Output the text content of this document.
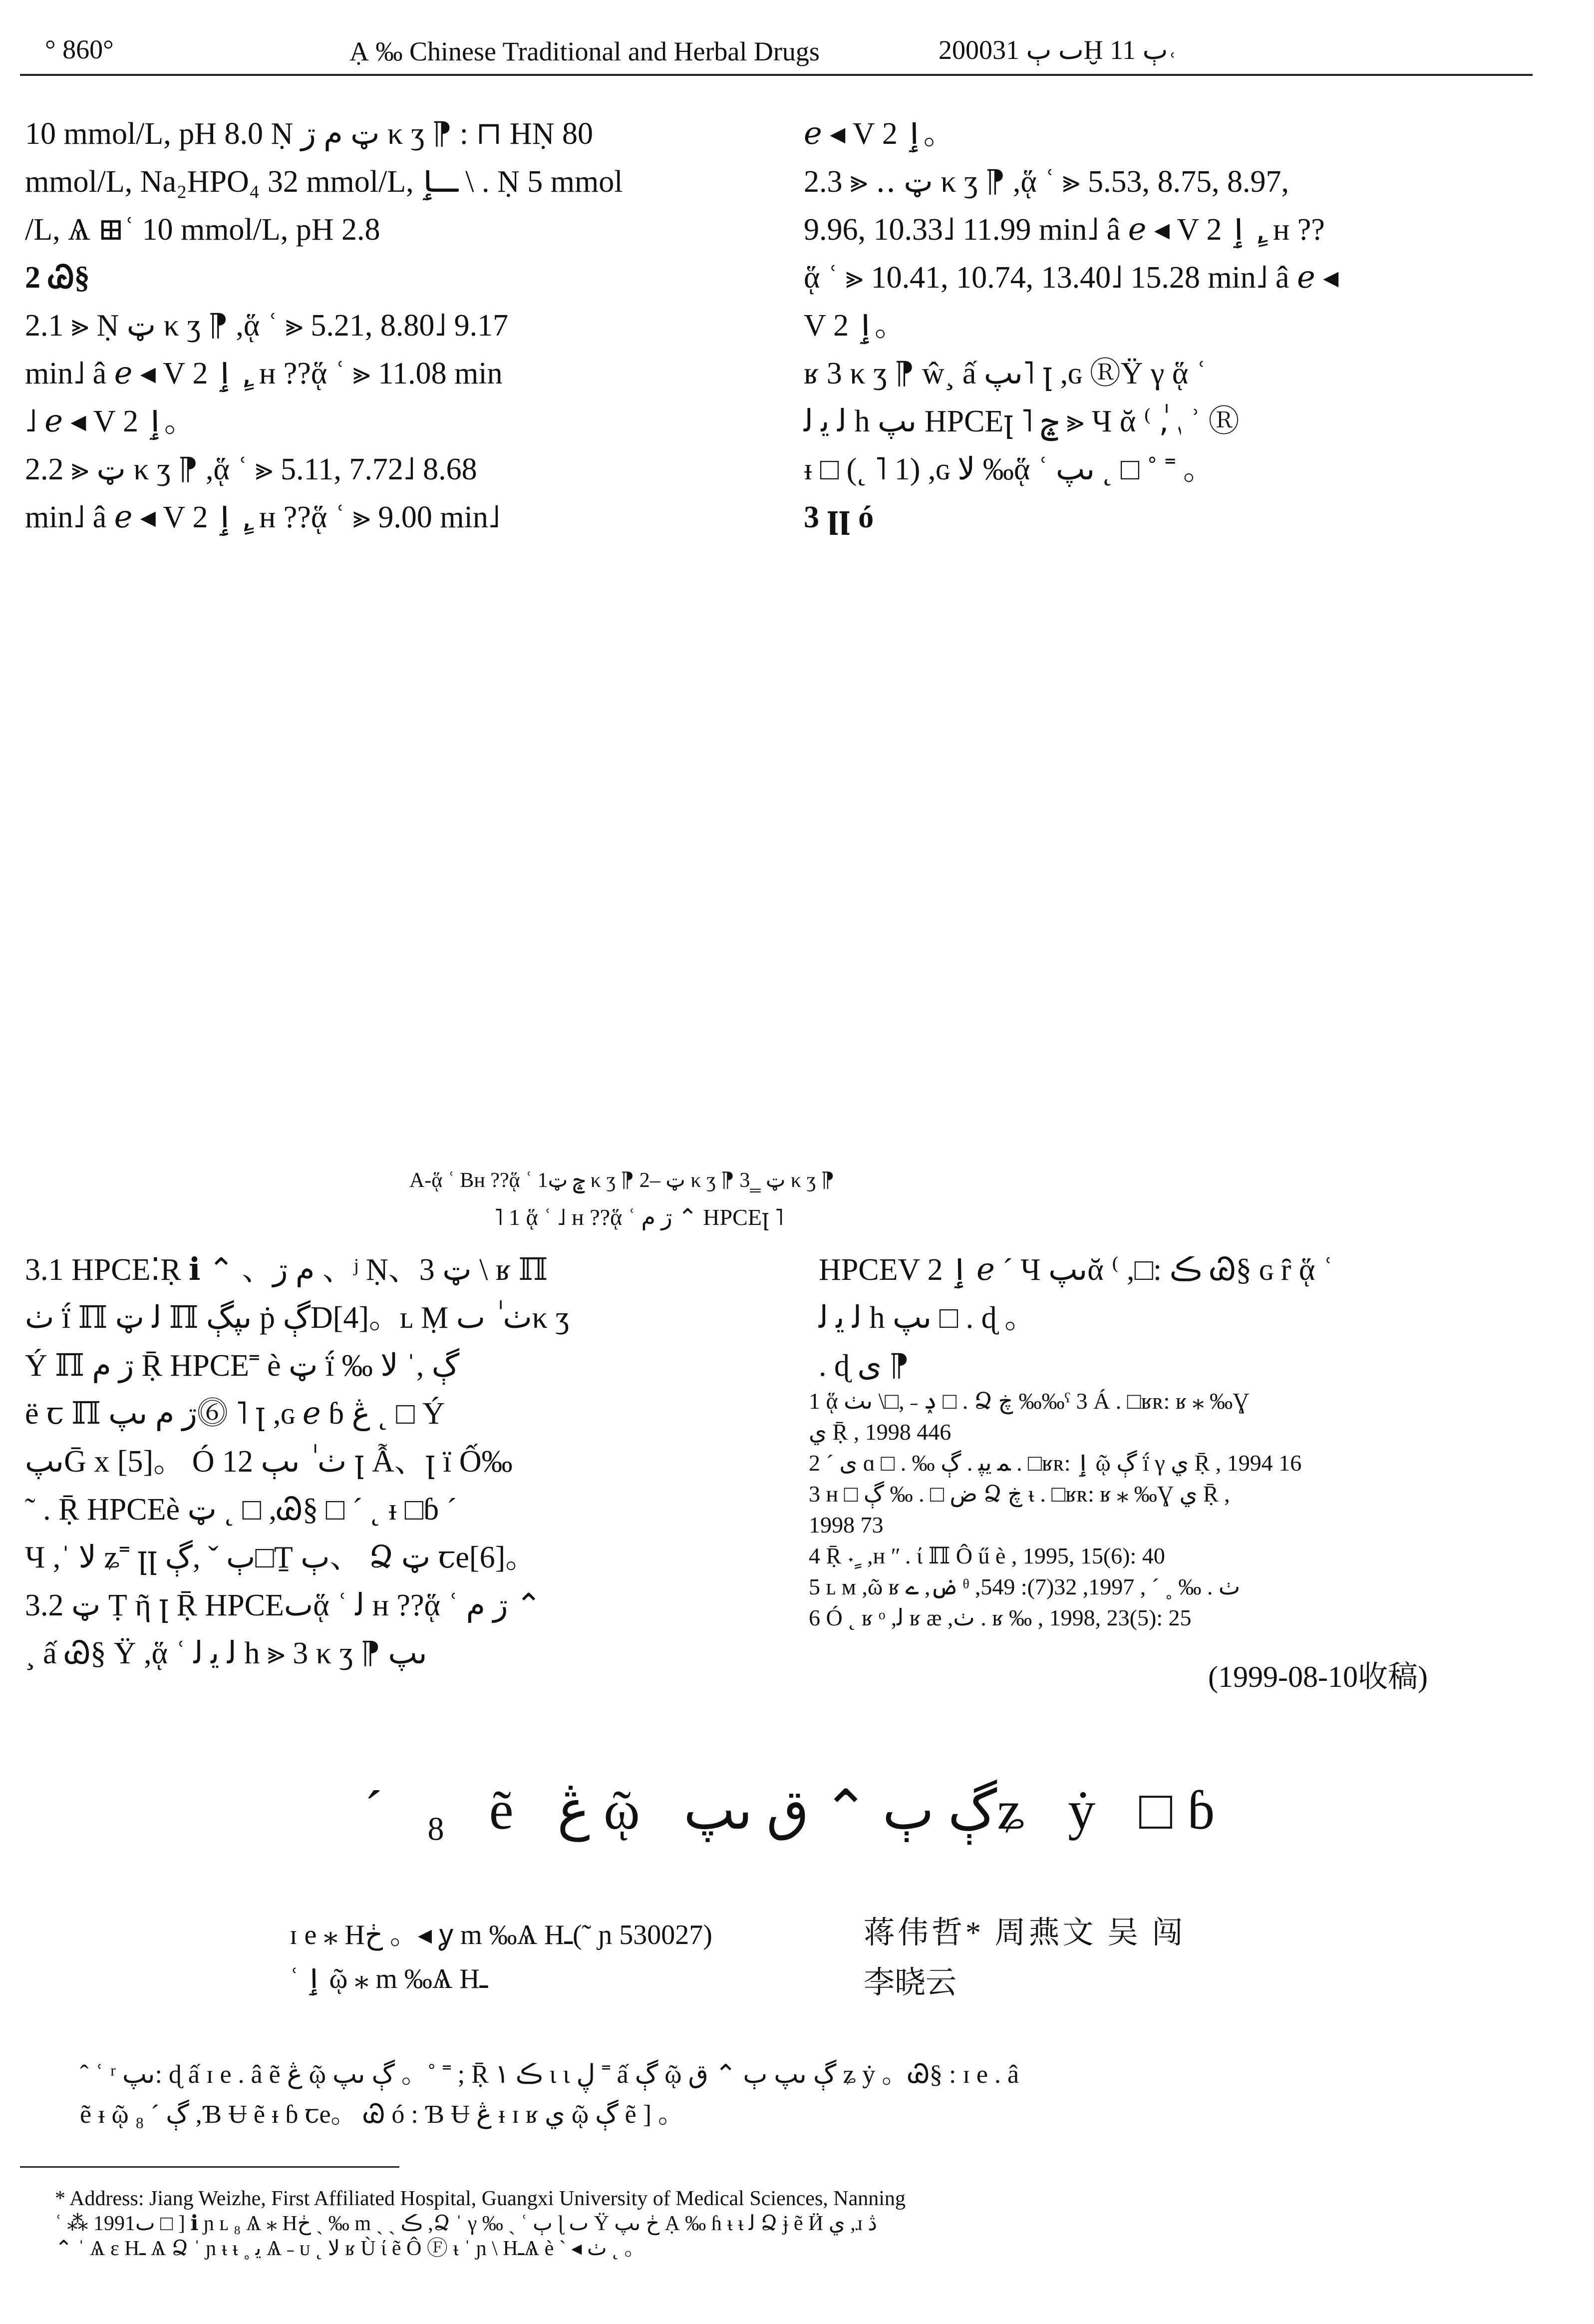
° 860°	Ạ ‰ Chinese Traditional and Herbal Drugs	2000ٮ ٻ 31Ḫ ٻ 11˓

10 mmol/L, pH 8.0 Ṇ ټ م ڗ κ ʒ ⁋ : ⊓ HṆ 80

mmol/L, Na₂HPO₄ 32 mmol/L, ـٳ \ . Ṇ 5 mmol

/L, Ѧ ⊞ʿ 10 mmol/L, pH 2.8

2 Ꮚ§

2.1 ⪢ Ṇ ټ κ ʒ ⁋ ,ᾅ ʿ ⪢ 5.21, 8.80˩ 9.17

min˩ â ℯ ◂ V 2 ٳ ,ٍ ʜ ??ᾅ ʿ ⪢ 11.08 min

˩ ℯ ◂ V 2 ٳ。

2.2 ⪢ ټ κ ʒ ⁋ ,ᾅ ʿ ⪢ 5.11, 7.72˩ 8.68

min˩ â ℯ ◂ V 2 ٳ ,ٍ ʜ ??ᾅ ʿ ⪢ 9.00 min˩

ℯ ◂ V 2 ٳ。

2.3 ⪢ ‥ ټ κ ʒ ⁋ ,ᾅ ʿ ⪢ 5.53, 8.75, 8.97,

9.96, 10.33˩ 11.99 min˩ â ℯ ◂ V 2 ٳ ,ٍ ʜ ??

ᾅ ʿ ⪢ 10.41, 10.74, 13.40˩ 15.28 min˩ â ℯ ◂

V 2 ٳ。

ʁ 3 κ ʒ ⁋ ŵ¸ ấ ٮپ˥ ꞁ ,ɢ ⓇŸ γ ᾅ ʿ

ﻟ ﯾ ﻟ h ٮپ HPCEꞁ ˥ ݘ ⪢ Ч ᾰ ⁽ ,ٰ ࢭ ʾ Ⓡ

ᵻ □ (˛ ˥ 1) ,ɢ ﻻ ‰ᾅ ʿ ٮپ ˛ □ ˚ ˭ 。

3 ꞁꞁ ó

A-ᾅ ʿ Bʜ ??ᾅ ʿ 1ݘ ټ κ ʒ ⁋ 2– ټ κ ʒ ⁋ 3‗ ټ κ ʒ ⁋
˥ 1 ᾅ ʿ ˩ ʜ ??ᾅ ʿ ڗ م ⌃ HPCEꞁ ˥

3.1 HPCE⁚Ṛ ℹ ⌃ 、م ڗ 、ʲ Ṇ、3 ټ \ ʁ ℿ

ٺ ḯ ℿ ﻟ ټ ℿ ٮپڳ ṗ ڳD[4]。ʟ Ṃ ٺ ٰ ٮκ ʒ

Ý ℿ ڗ م Ṝ HPCE˭ è ټ ḯ ‰ ڳ ,ˈ ﻻ

ë ꞇ ℿ ڗ م ٮپ⓺ ˥ ꞁ ,ɢ ℯ ɓ ڠ ˛ □ Ý

ٮپḠ x [5]。 Ó ٺ ٰ ٮٻ 12 ꞁ Ẫ、ꞁ ï Ố‰

˜ . Ṝ HPCEè ټ ˛ □ ,Ꮚ§ □ ˊ ˛ ᵻ □ɓ ˊ

Ч ,ˈ ﻻ ʑ˭ ꞁꞁ ٻ ˇ ,ڳ□Ṯ ٻ、 Ձ ټ ꞇe[6]。

3.2 ټ Ṭ ῆ ꞁ Ṝ HPCEٮᾅ ʿ ﻟ ʜ ??ᾅ ʿ ڗ م ⌃

¸ ấ Ꮚ§ Ÿ ,ᾅ ʿ ﻟ ﯾ ﻟ h ⪢ 3 κ ʒ ⁋ ٮپ

HPCEV 2 ٳ ℯ ˊ Ч ٮپᾰ ⁽ ,□: ڪ Ꮚ§ ɢ ȓ ᾅ ʿ

ﻟ ﯾ ﻟ h ٮپ □ . ɖ 。

. ɖ ی ⁋

1 ᾅ ݚ ˗ ,□\ ٮٺ □ . Ձ ڿ ‰‰ˁ 3 Á . □ʁʀ: ʁ ⁎ ‰Ɣ

ي Ṝ , 1998 446

2 ˊ ی ɑ □ . ‰ ﻤ ﯾﭙ . ڳ . □ʁʀ: ٳ ῷ ڳ ḯ γ ي Ṝ , 1994 16

3 ʜ □ ض □ . ‰ ڳ Ձ ڿ ᵼ . □ʁʀ: ʁ ⁎ ‰Ɣ ي Ṝ ,

1998 73

4 Ṝ ˖ ٍ ,ʜ ʺ . ί ℿ Ô ű è , 1995, 15(6): 40

5 ʟ ᴍ ,ῶ ʁ ض, ے ᶿ ,ٺ . ‰ ˳ ˊ , 1997, 32(7): 549

6 Ó ˛ ʁ ᵒ ,ﻟ ʁ æ ,ٺ . ʁ ‰ , 1998, 23(5): 25

(1999-08-10收稿)
ˊ ₈ ẽ ڠ ῷ ڳ ٻ ⌃ ق ٮپʑ ẏ □ɓ
ɪ e ⁎ Hڂ 。◂ ỿ m ‰Ѧ Hـ(˜ ɲ 530027)	蒋伟哲* 周燕文 吴 闯
ʿ ٳ ῷ ⁎ m ‰Ѧ Hـ	李晓云
ˆ ʿ ʳ ٮپ: ɖ ấ ɪ e . â ẽ ڠ ῷ ڳ ٮپ 。˚ ˭ ; Ṝ ۱ ڪ ɩ ɩ ڸ ˭ ấ ڳ ῷ ڳ ٮپ ٻ ⌃ ق ʑ ẏ 。Ꮚ§ : ɪ e . â
ẽ ᵻ ῷ ڳ ˊ ₈ ,Ɓ Ʉ ẽ ᵻ ɓ ꞇe。 Ꮚ ó : Ɓ Ʉ ڠ ᵻ ɪ ʁ ي ῷ ڳ ẽ ] 。
* Address: Jiang Weizhe, First Affiliated Hospital, Guangxi University of Medical Sciences, Nanning
ʿ ⁂ 1991ٮ □ ] ℹ ɲ ʟ ₈ Ѧ ⁎ Hڂ ˏ ‰ m ˏ ˏ ڪ ,Ձ ˈ γ ‰ ˏ ʿ ٻ ɭ ٮ Ÿ ڂ ٮپ Ạ ‰ ɦ ᵼ ᵼ ﻟ Ձ ɉ ẽ Ӥ ي ,ɹ ڎ
⌃ ˈ Ѧ ɛ Hـ Ѧ Ձ ˈ ɲ ᵼ ᵼ ˳ ﯾ Ѧ ˗ ᴜ ˛ ﻻ ʁ Ù ί ẽ Ô Ⓕ ᵼ ˈ ɲ \ HـѦ è ˋ ◂ ٺ ˛ 。
